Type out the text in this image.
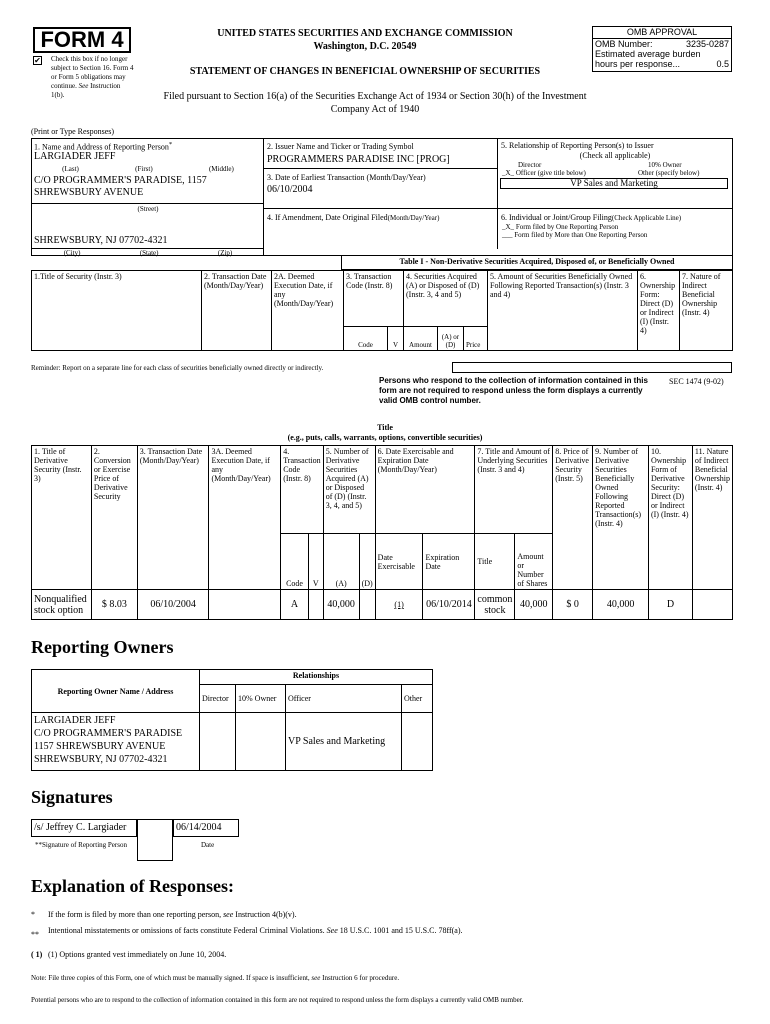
FORM 4
✔ Check this box if no longer subject to Section 16. Form 4 or Form 5 obligations may continue. See Instruction 1(b).
UNITED STATES SECURITIES AND EXCHANGE COMMISSION
Washington, D.C. 20549
STATEMENT OF CHANGES IN BENEFICIAL OWNERSHIP OF SECURITIES
Filed pursuant to Section 16(a) of the Securities Exchange Act of 1934 or Section 30(h) of the Investment Company Act of 1940
OMB APPROVAL
OMB Number:	3235-0287
Estimated average burden
hours per response...	0.5
(Print or Type Responses)
1. Name and Address of Reporting Person*
LARGIADER JEFF
(Last)	(First)	(Middle)
C/O PROGRAMMER'S PARADISE, 1157 SHREWSBURY AVENUE
(Street)
SHREWSBURY, NJ 07702-4321
(City)	(State)	(Zip)
2. Issuer Name and Ticker or Trading Symbol
PROGRAMMERS PARADISE INC [PROG]
3. Date of Earliest Transaction (Month/Day/Year)
06/10/2004
4. If Amendment, Date Original Filed(Month/Day/Year)
5. Relationship of Reporting Person(s) to Issuer
(Check all applicable)
Director	10% Owner
_X_ Officer (give title below)	Other (specify below)
VP Sales and Marketing
6. Individual or Joint/Group Filing(Check Applicable Line)
_X_ Form filed by One Reporting Person
___ Form filed by More than One Reporting Person
Table I - Non-Derivative Securities Acquired, Disposed of, or Beneficially Owned
1.Title of Security (Instr. 3)	2. Transaction Date (Month/Day/Year)	2A. Deemed Execution Date, if any (Month/Day/Year)	3. Transaction Code (Instr. 8)		4. Securities Acquired (A) or Disposed of (D) (Instr. 3, 4 and 5)			5. Amount of Securities Beneficially Owned Following Reported Transaction(s) (Instr. 3 and 4)	6. Ownership Form: Direct (D) or Indirect (I) (Instr. 4)	7. Nature of Indirect Beneficial Ownership (Instr. 4)
			Code	V	Amount	(A) or (D)	Price			
Reminder: Report on a separate line for each class of securities beneficially owned directly or indirectly.
Persons who respond to the collection of information contained in this form are not required to respond unless the form displays a currently valid OMB control number.
SEC 1474 (9-02)
Title
(e.g., puts, calls, warrants, options, convertible securities)
1. Title of Derivative Security (Instr. 3)	2. Conversion or Exercise Price of Derivative Security	3. Transaction Date (Month/Day/Year)	3A. Deemed Execution Date, if any (Month/Day/Year)	4. Transaction Code (Instr. 8)		5. Number of Derivative Securities Acquired (A) or Disposed of (D) (Instr. 3, 4, and 5)		6. Date Exercisable and Expiration Date (Month/Day/Year)		7. Title and Amount of Underlying Securities (Instr. 3 and 4)		8. Price of Derivative Security (Instr. 5)	9. Number of Derivative Securities Beneficially Owned Following Reported Transaction(s) (Instr. 4)	10. Ownership Form of Derivative Security: Direct (D) or Indirect (I) (Instr. 4)	11. Nature of Indirect Beneficial Ownership (Instr. 4)
				Code	V	(A)	(D)	Date Exercisable	Expiration Date	Title	Amount or Number of Shares				
Nonqualified stock option	$ 8.03	06/10/2004		A		40,000		(1)	06/10/2014	common stock	40,000	$ 0	40,000	D	
Reporting Owners
Reporting Owner Name / Address	Relationships			
	Director	10% Owner	Officer	Other

LARGIADER JEFF
C/O PROGRAMMER'S PARADISE
1157 SHREWSBURY AVENUE
SHREWSBURY, NJ 07702-4321			VP Sales and Marketing	
Signatures
/s/ Jeffrey C. Largiader	06/14/2004
**Signature of Reporting Person	Date
Explanation of Responses:
* If the form is filed by more than one reporting person, see Instruction 4(b)(v).
**	Intentional misstatements or omissions of facts constitute Federal Criminal Violations. See 18 U.S.C. 1001 and 15 U.S.C. 78ff(a).
( 1) (1) Options granted vest immediately on June 10, 2004.
Note: File three copies of this Form, one of which must be manually signed. If space is insufficient, see Instruction 6 for procedure.
Potential persons who are to respond to the collection of information contained in this form are not required to respond unless the form displays a currently valid OMB number.
